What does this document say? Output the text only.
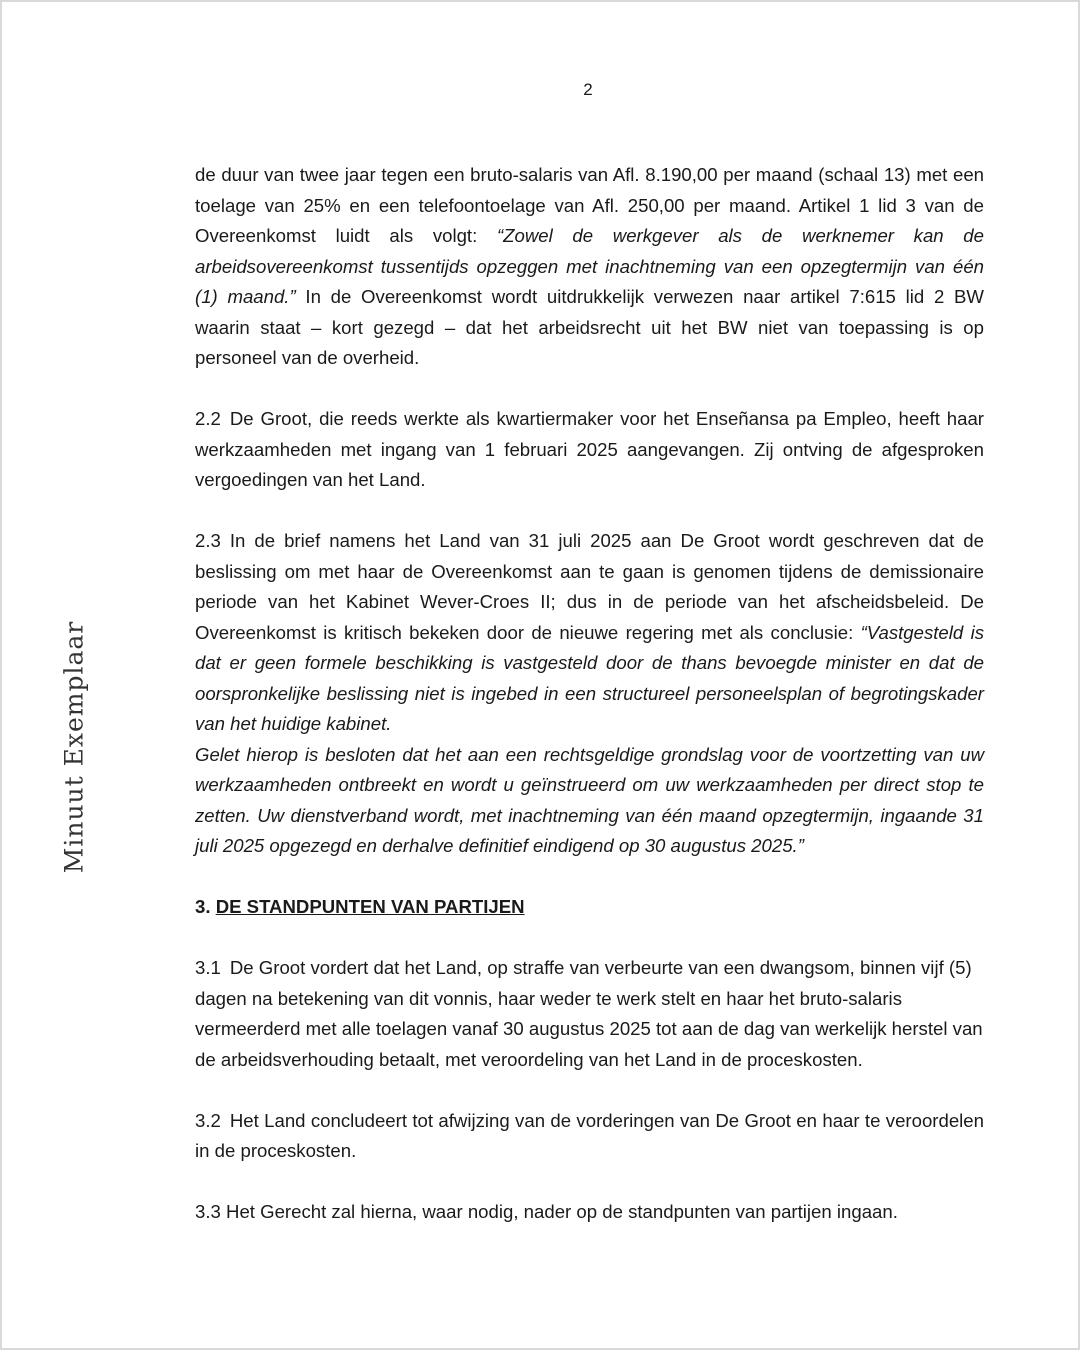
2
Minuut Exemplaar

de duur van twee jaar tegen een bruto-salaris van Afl. 8.190,00 per maand (schaal 13) met een toelage van 25% en een telefoontoelage van Afl. 250,00 per maand. Artikel 1 lid 3 van de Overeenkomst luidt als volgt: “Zowel de werkgever als de werknemer kan de arbeidsovereenkomst tussentijds opzeggen met inachtneming van een opzegtermijn van één (1) maand.” In de Overeenkomst wordt uitdrukkelijk verwezen naar artikel 7:615 lid 2 BW waarin staat – kort gezegd – dat het arbeidsrecht uit het BW niet van toepassing is op personeel van de overheid.

2.2 De Groot, die reeds werkte als kwartiermaker voor het Enseñansa pa Empleo, heeft haar werkzaamheden met ingang van 1 februari 2025 aangevangen. Zij ontving de afgesproken vergoedingen van het Land.

2.3 In de brief namens het Land van 31 juli 2025 aan De Groot wordt geschreven dat de beslissing om met haar de Overeenkomst aan te gaan is genomen tijdens de demissionaire periode van het Kabinet Wever-Croes II; dus in de periode van het afscheidsbeleid. De Overeenkomst is kritisch bekeken door de nieuwe regering met als conclusie: “Vastgesteld is dat er geen formele beschikking is vastgesteld door de thans bevoegde minister en dat de oorspronkelijke beslissing niet is ingebed in een structureel personeelsplan of begrotingskader van het huidige kabinet.
Gelet hierop is besloten dat het aan een rechtsgeldige grondslag voor de voortzetting van uw werkzaamheden ontbreekt en wordt u geïnstrueerd om uw werkzaamheden per direct stop te zetten. Uw dienstverband wordt, met inachtneming van één maand opzegtermijn, ingaande 31 juli 2025 opgezegd en derhalve definitief eindigend op 30 augustus 2025.”

3. DE STANDPUNTEN VAN PARTIJEN

3.1 De Groot vordert dat het Land, op straffe van verbeurte van een dwangsom, binnen vijf (5) dagen na betekening van dit vonnis, haar weder te werk stelt en haar het bruto-salaris vermeerderd met alle toelagen vanaf 30 augustus 2025 tot aan de dag van werkelijk herstel van de arbeidsverhouding betaalt, met veroordeling van het Land in de proceskosten.

3.2 Het Land concludeert tot afwijzing van de vorderingen van De Groot en haar te veroordelen in de proceskosten.

3.3 Het Gerecht zal hierna, waar nodig, nader op de standpunten van partijen ingaan.
